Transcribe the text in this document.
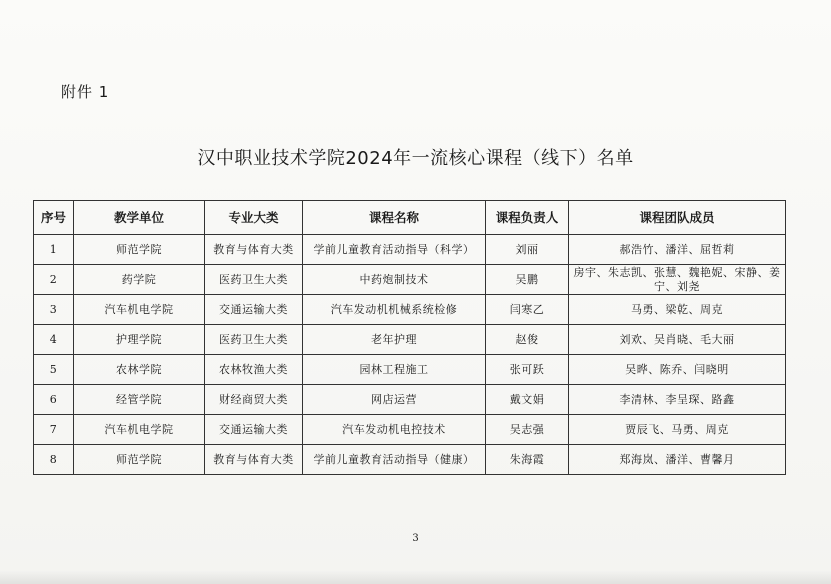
附件 1
汉中职业技术学院2024年一流核心课程（线下）名单
序号	教学单位	专业大类	课程名称	课程负责人	课程团队成员
1	师范学院	教育与体育大类	学前儿童教育活动指导（科学）	刘丽	郝浩竹、潘洋、屈哲莉
2	药学院	医药卫生大类	中药炮制技术	吴鹏	房宇、朱志凯、张慧、魏艳妮、宋静、姜宁、刘尧
3	汽车机电学院	交通运输大类	汽车发动机机械系统检修	闫寒乙	马勇、梁乾、周克
4	护理学院	医药卫生大类	老年护理	赵俊	刘欢、吴肖晓、毛大丽
5	农林学院	农林牧渔大类	园林工程施工	张可跃	吴晔、陈乔、闫晓明
6	经管学院	财经商贸大类	网店运营	戴文娟	李清林、李呈琛、路鑫
7	汽车机电学院	交通运输大类	汽车发动机电控技术	吴志强	贾辰飞、马勇、周克
8	师范学院	教育与体育大类	学前儿童教育活动指导（健康）	朱海霞	郑海岚、潘洋、曹馨月
3
